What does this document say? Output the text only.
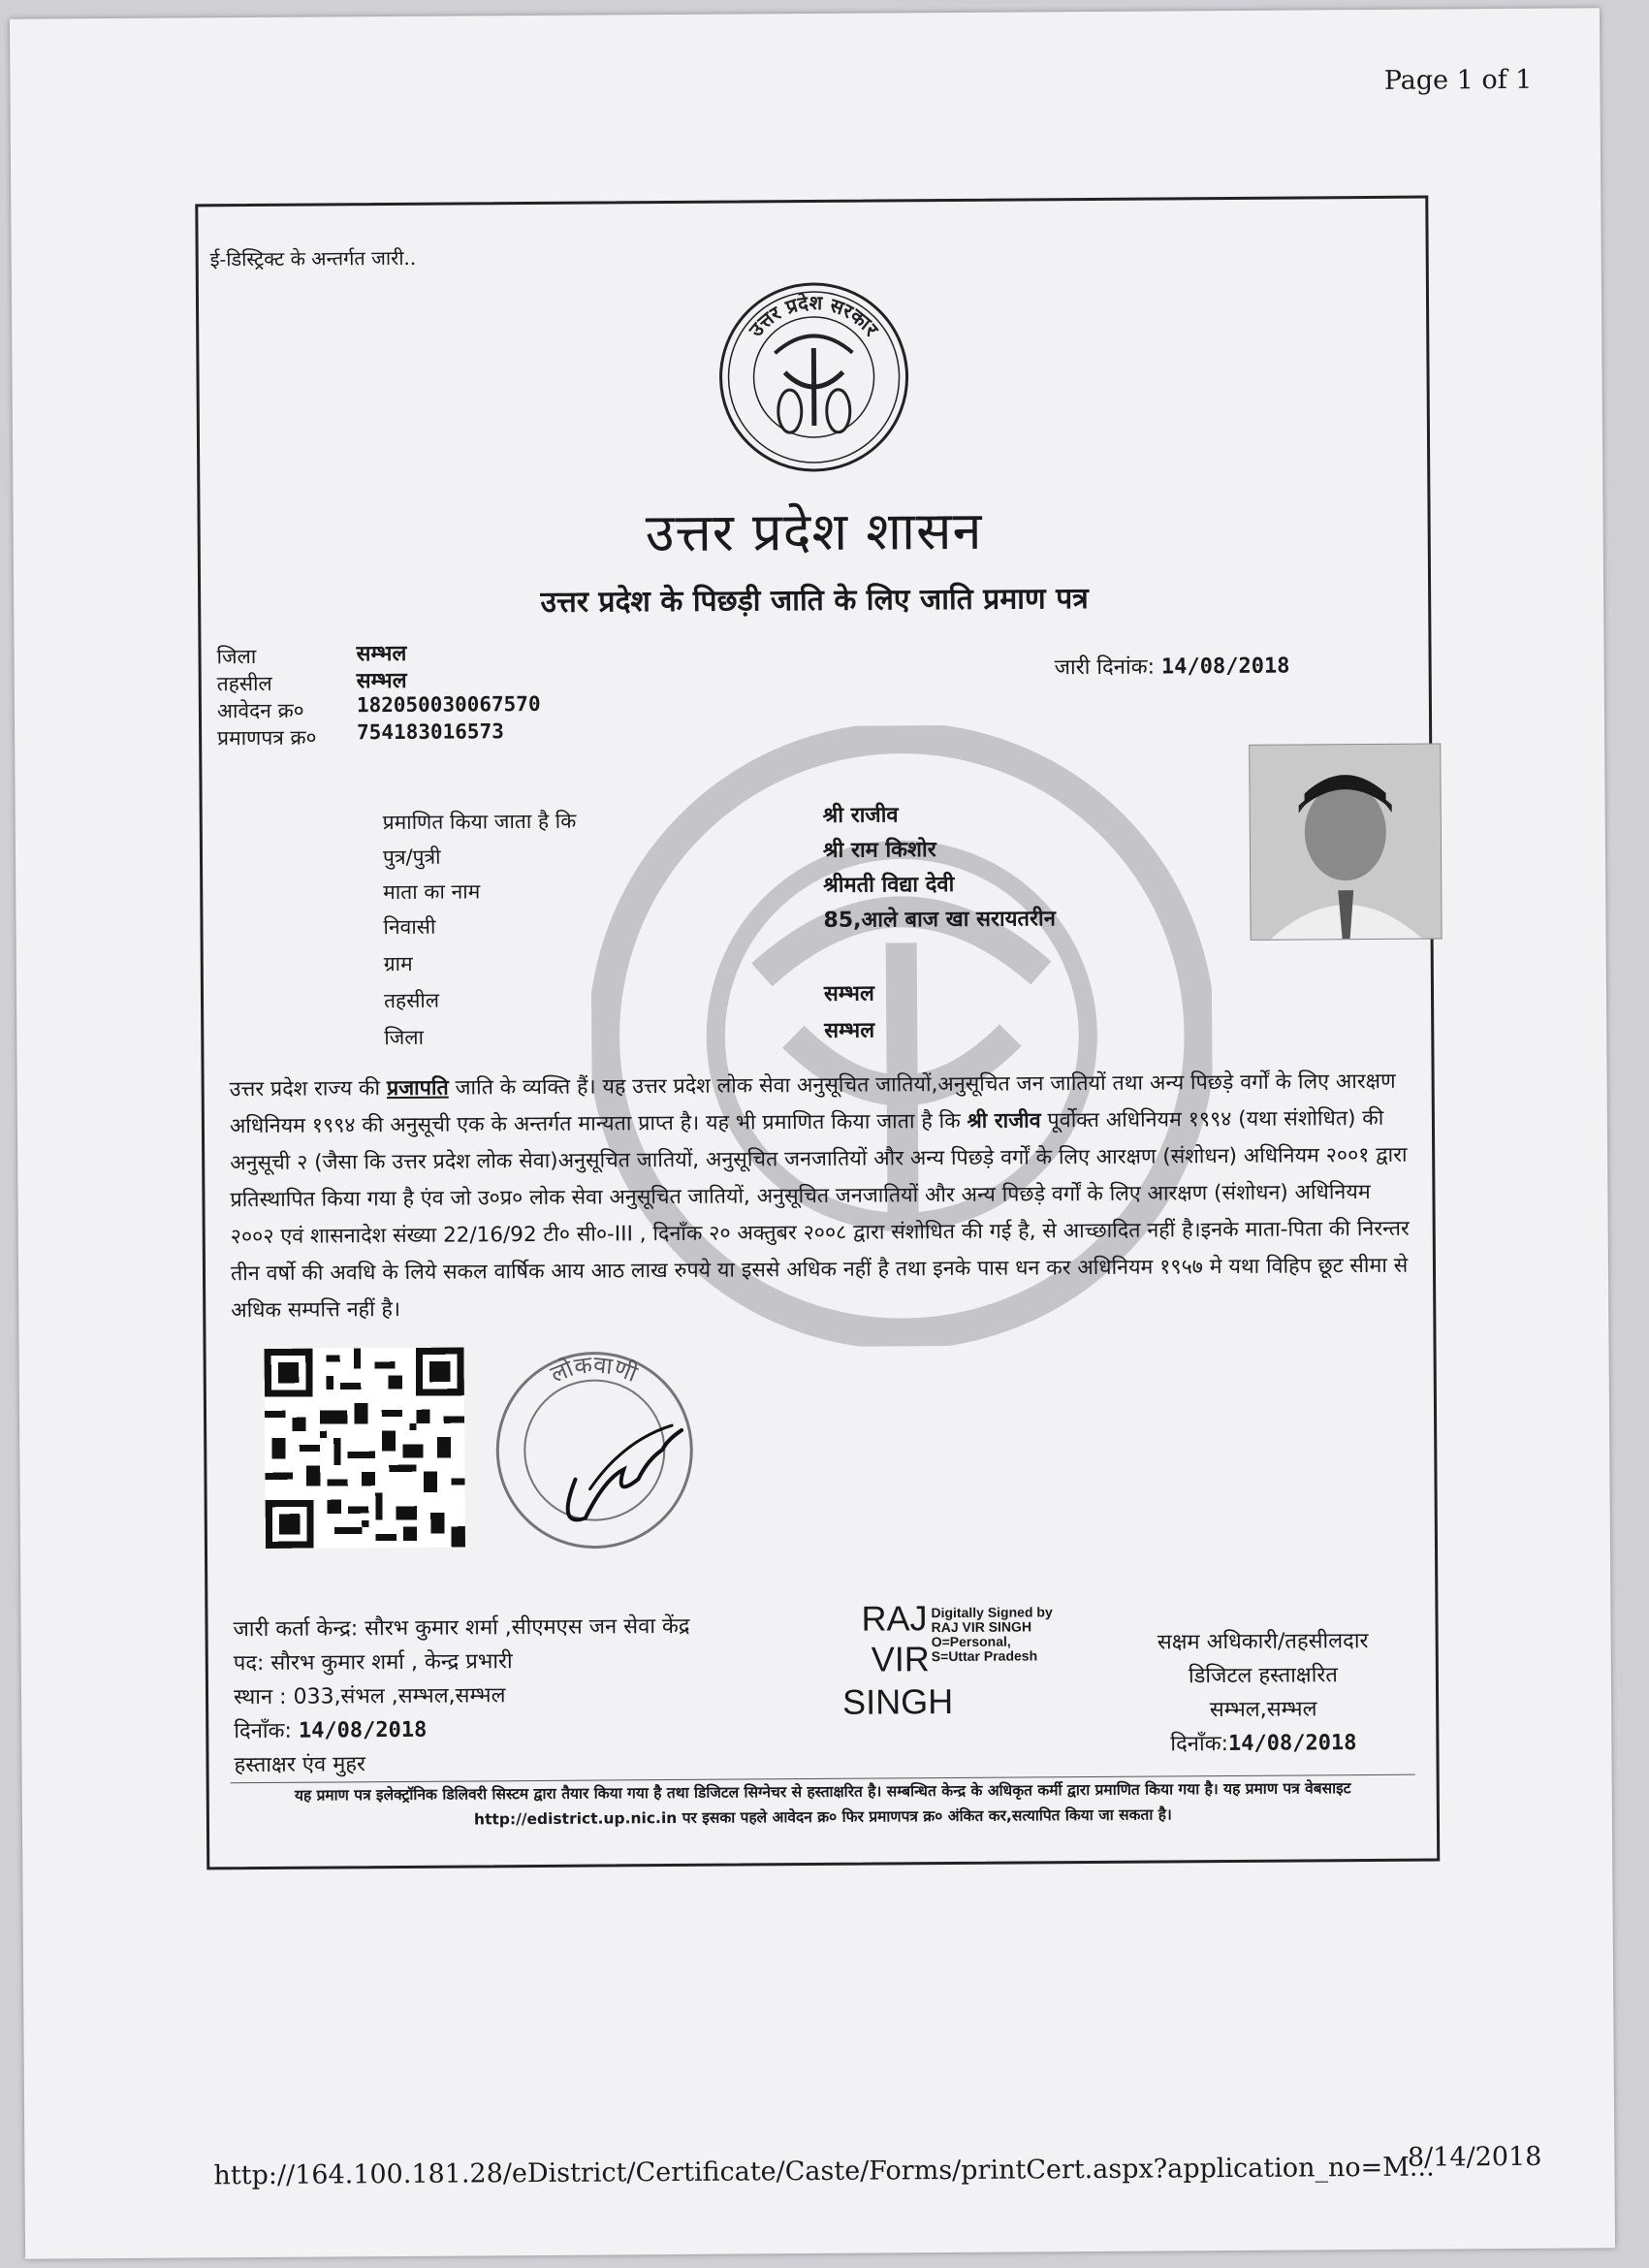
Page 1 of 1
ई-डिस्ट्रिक्ट के अन्तर्गत जारी..
उत्तर प्रदेश सरकार
उत्तर प्रदेश शासन
उत्तर प्रदेश के पिछड़ी जाति के लिए जाति प्रमाण पत्र
जिला	सम्भल
तहसील	सम्भल
आवेदन क्र०	182050030067570
प्रमाणपत्र क्र० 754183016573
जारी दिनांक: 14/08/2018
प्रमाणित किया जाता है कि	श्री राजीव
पुत्र/पुत्री	श्री राम किशोर
माता का नाम	श्रीमती विद्या देवी
निवासी	85,आले बाज खा सरायतरीन
ग्राम
तहसील	सम्भल
जिला	सम्भल
उत्तर प्रदेश राज्य की प्रजापति जाति के व्यक्ति हैं। यह उत्तर प्रदेश लोक सेवा अनुसूचित जातियों,अनुसूचित जन जातियों तथा अन्य पिछड़े वर्गों के लिए आरक्षण अधिनियम १९९४ की अनुसूची एक के अन्तर्गत मान्यता प्राप्त है। यह भी प्रमाणित किया जाता है कि श्री राजीव पूर्वोक्त अधिनियम १९९४ (यथा संशोधित) की अनुसूची २ (जैसा कि उत्तर प्रदेश लोक सेवा)अनुसूचित जातियों, अनुसूचित जनजातियों और अन्य पिछड़े वर्गों के लिए आरक्षण (संशोधन) अधिनियम २००१ द्वारा प्रतिस्थापित किया गया है एंव जो उ०प्र० लोक सेवा अनुसूचित जातियों, अनुसूचित जनजातियों और अन्य पिछड़े वर्गों के लिए आरक्षण (संशोधन) अधिनियम २००२ एवं शासनादेश संख्या 22/16/92 टी० सी०-III , दिनाँक २० अक्तुबर २००८ द्वारा संशोधित की गई है, से आच्छादित नहीं है।इनके माता-पिता की निरन्तर तीन वर्षो की अवधि के लिये सकल वार्षिक आय आठ लाख रुपये या इससे अधिक नहीं है तथा इनके पास धन कर अधिनियम १९५७ मे यथा विहिप छूट सीमा से अधिक सम्पत्ति नहीं है।
लोकवाणी
जारी कर्ता केन्द्र: सौरभ कुमार शर्मा ,सीएमएस जन सेवा केंद्र
पद: सौरभ कुमार शर्मा , केन्द्र प्रभारी
स्थान : 033,संभल ,सम्भल,सम्भल
दिनाँक: 14/08/2018
हस्ताक्षर एंव मुहर
RAJ
VIR
SINGH
Digitally Signed by
RAJ VIR SINGH
O=Personal,
S=Uttar Pradesh
सक्षम अधिकारी/तहसीलदार
डिजिटल हस्ताक्षरित
सम्भल,सम्भल
दिनाँक:14/08/2018
यह प्रमाण पत्र इलेक्ट्रॉनिक डिलिवरी सिस्टम द्वारा तैयार किया गया है तथा डिजिटल सिग्नेचर से हस्ताक्षरित है। सम्बन्धित केन्द्र के अधिकृत कर्मी द्वारा प्रमाणित किया गया है। यह प्रमाण पत्र वेबसाइट http://edistrict.up.nic.in पर इसका पहले आवेदन क्र० फिर प्रमाणपत्र क्र० अंकित कर,सत्यापित किया जा सकता है।
http://164.100.181.28/eDistrict/Certificate/Caste/Forms/printCert.aspx?application_no=M...
8/14/2018
